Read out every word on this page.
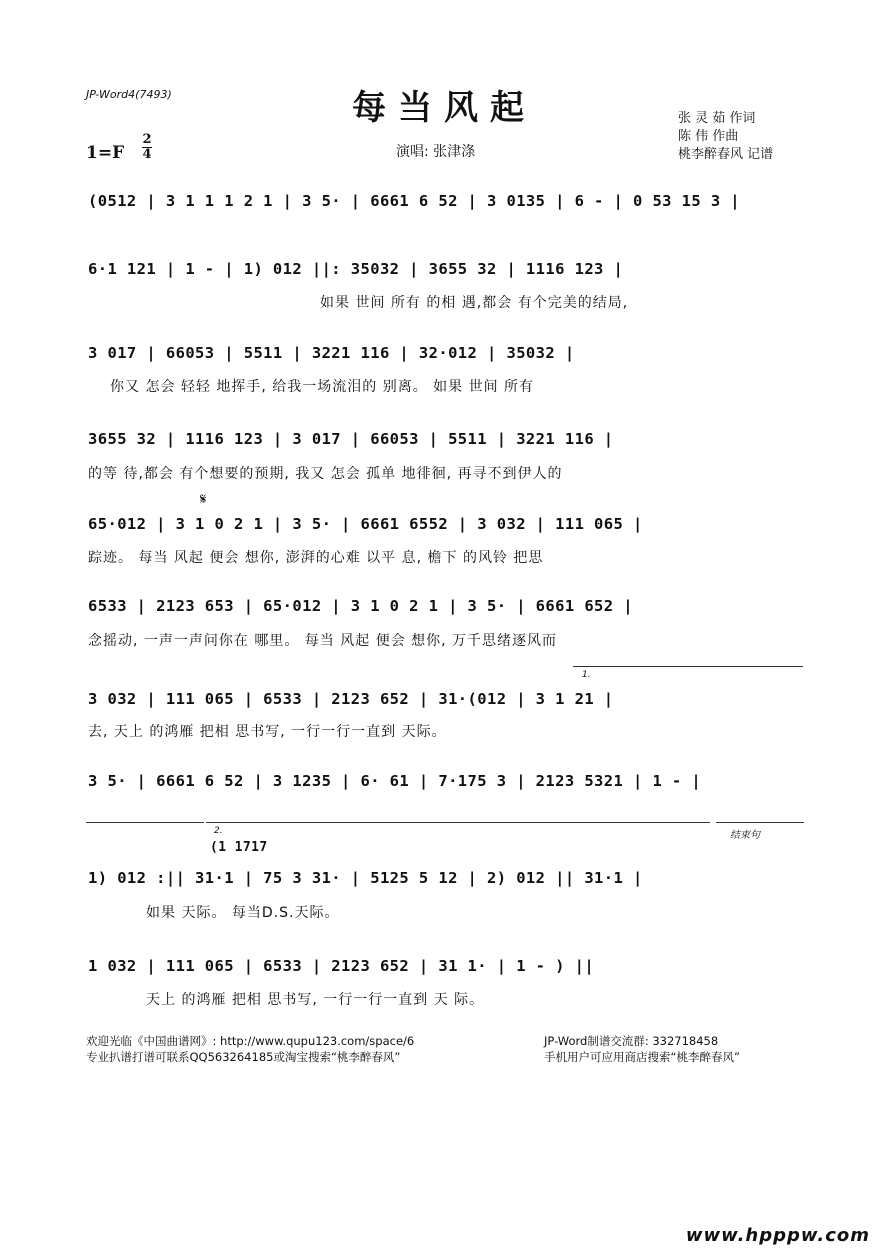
JP-Word4(7493)	每当风起
1=F
2
4	演唱: 张津涤
张 灵 茹 作词
陈 伟 作曲
桃李醉春风 记谱
(0512 | 3 1 1 1 2 1 | 3 5· | 6661 6 52 | 3 0135 | 6 - | 0 53 15 3 |
6·1 121 | 1 - | 1) 012 ||: 35032 | 3655 32 | 1116 123 |
如果 世间 所有 的相 遇,都会 有个完美的结局,
3 017 | 66053 | 5511 | 3221 116 | 32·012 | 35032 |
你又 怎会 轻轻 地挥手, 给我一场流泪的 别离。 如果 世间 所有
3655 32 | 1116 123 | 3 017 | 66053 | 5511 | 3221 116 |
的等 待,都会 有个想要的预期, 我又 怎会 孤单 地徘徊, 再寻不到伊人的
𝄋
65·012 | 3 1 0 2 1 | 3 5· | 6661 6552 | 3 032 | 111 065 |
踪迹。 每当 风起 便会 想你, 澎湃的心难 以平 息, 檐下 的风铃 把思
6533 | 2123 653 | 65·012 | 3 1 0 2 1 | 3 5· | 6661 652 |
念摇动, 一声一声问你在 哪里。 每当 风起 便会 想你, 万千思绪逐风而
1.
3 032 | 111 065 | 6533 | 2123 652 | 31·(012 | 3 1 21 |
去, 天上 的鸿雁 把相 思书写, 一行一行一直到 天际。
3 5· | 6661 6 52 | 3 1235 | 6· 61 | 7·175 3 | 2123 5321 | 1 - |
2.	结束句
(1 1717
1) 012 :|| 31·1 | 75 3 31· | 5125 5 12 | 2) 012 || 31·1 |
如果 天际。 每当D.S.天际。
1 032 | 111 065 | 6533 | 2123 652 | 31 1· | 1 - ) ||
天上 的鸿雁 把相 思书写, 一行一行一直到 天 际。
欢迎光临《中国曲谱网》: http://www.qupu123.com/space/6	JP-Word制谱交流群: 332718458
专业扒谱打谱可联系QQ563264185或淘宝搜索“桃李醉春风”	手机用户可应用商店搜索“桃李醉春风”
www.hpppw.com
